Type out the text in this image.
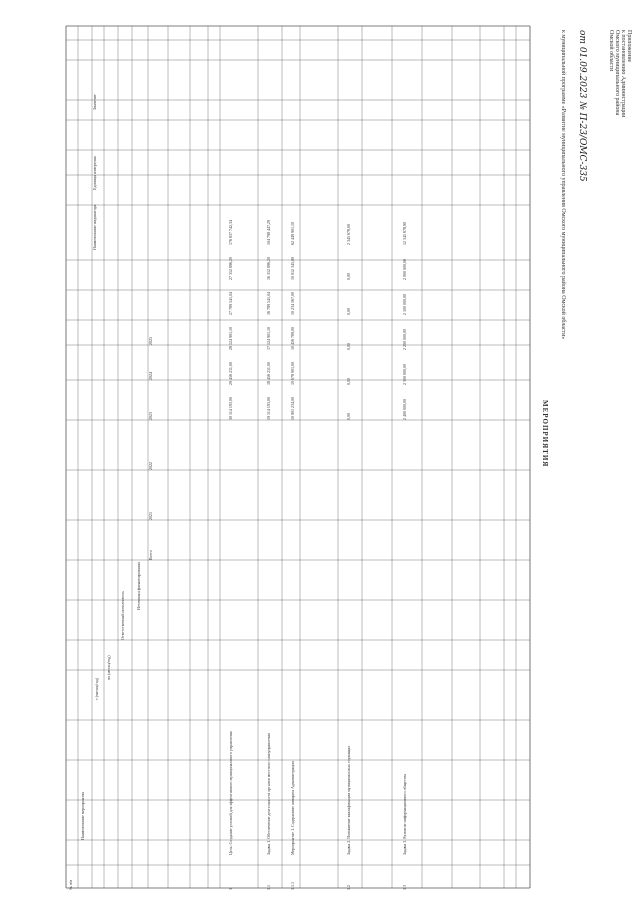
1
Цель: Создание условий для эффективного муниципального управления
176 837 742,34
27 352 896,20
27 789 541,04
28 124 901,10
29 456 211,00
30 114 193,00
1.1
Задача 1. Обеспечение деятельности органов местного самоуправления
104 798 447,29
16 352 896,20
16 789 541,04
17 124 901,10
18 456 211,00
19 114 193,00
1.1.1
Мероприятие 1. Содержание аппарата Администрации
62 449 901,10
10 012 345,00
10 234 567,00
10 456 789,00
10 678 901,00
10 901 234,00
1.2
Задача 2. Повышение квалификации муниципальных служащих
2 345 678,00
0,00
0,00
0,00
0,00
0,00
1.3
Задача 3. Развитие информационного общества
12 345 678,90
2 000 000,00
2 100 000,00
2 200 000,00
2 300 000,00
2 400 000,00
№ п/п
Наименование мероприятия
с (месяц/год)
по (месяц/год)
Ответственный исполнитель
Источники финансирования
Всего
2021
2022
2023
2024
2025
Наименование индикатора
Единица измерения
Значение
Приложение
к постановлению Администрации
Омского муниципального района
Омской области
от 01.09.2023 № П-23/ОМС-335
к муниципальной программе «Развитие муниципального управления Омского муниципального района Омской области»
МЕРОПРИЯТИЯ
